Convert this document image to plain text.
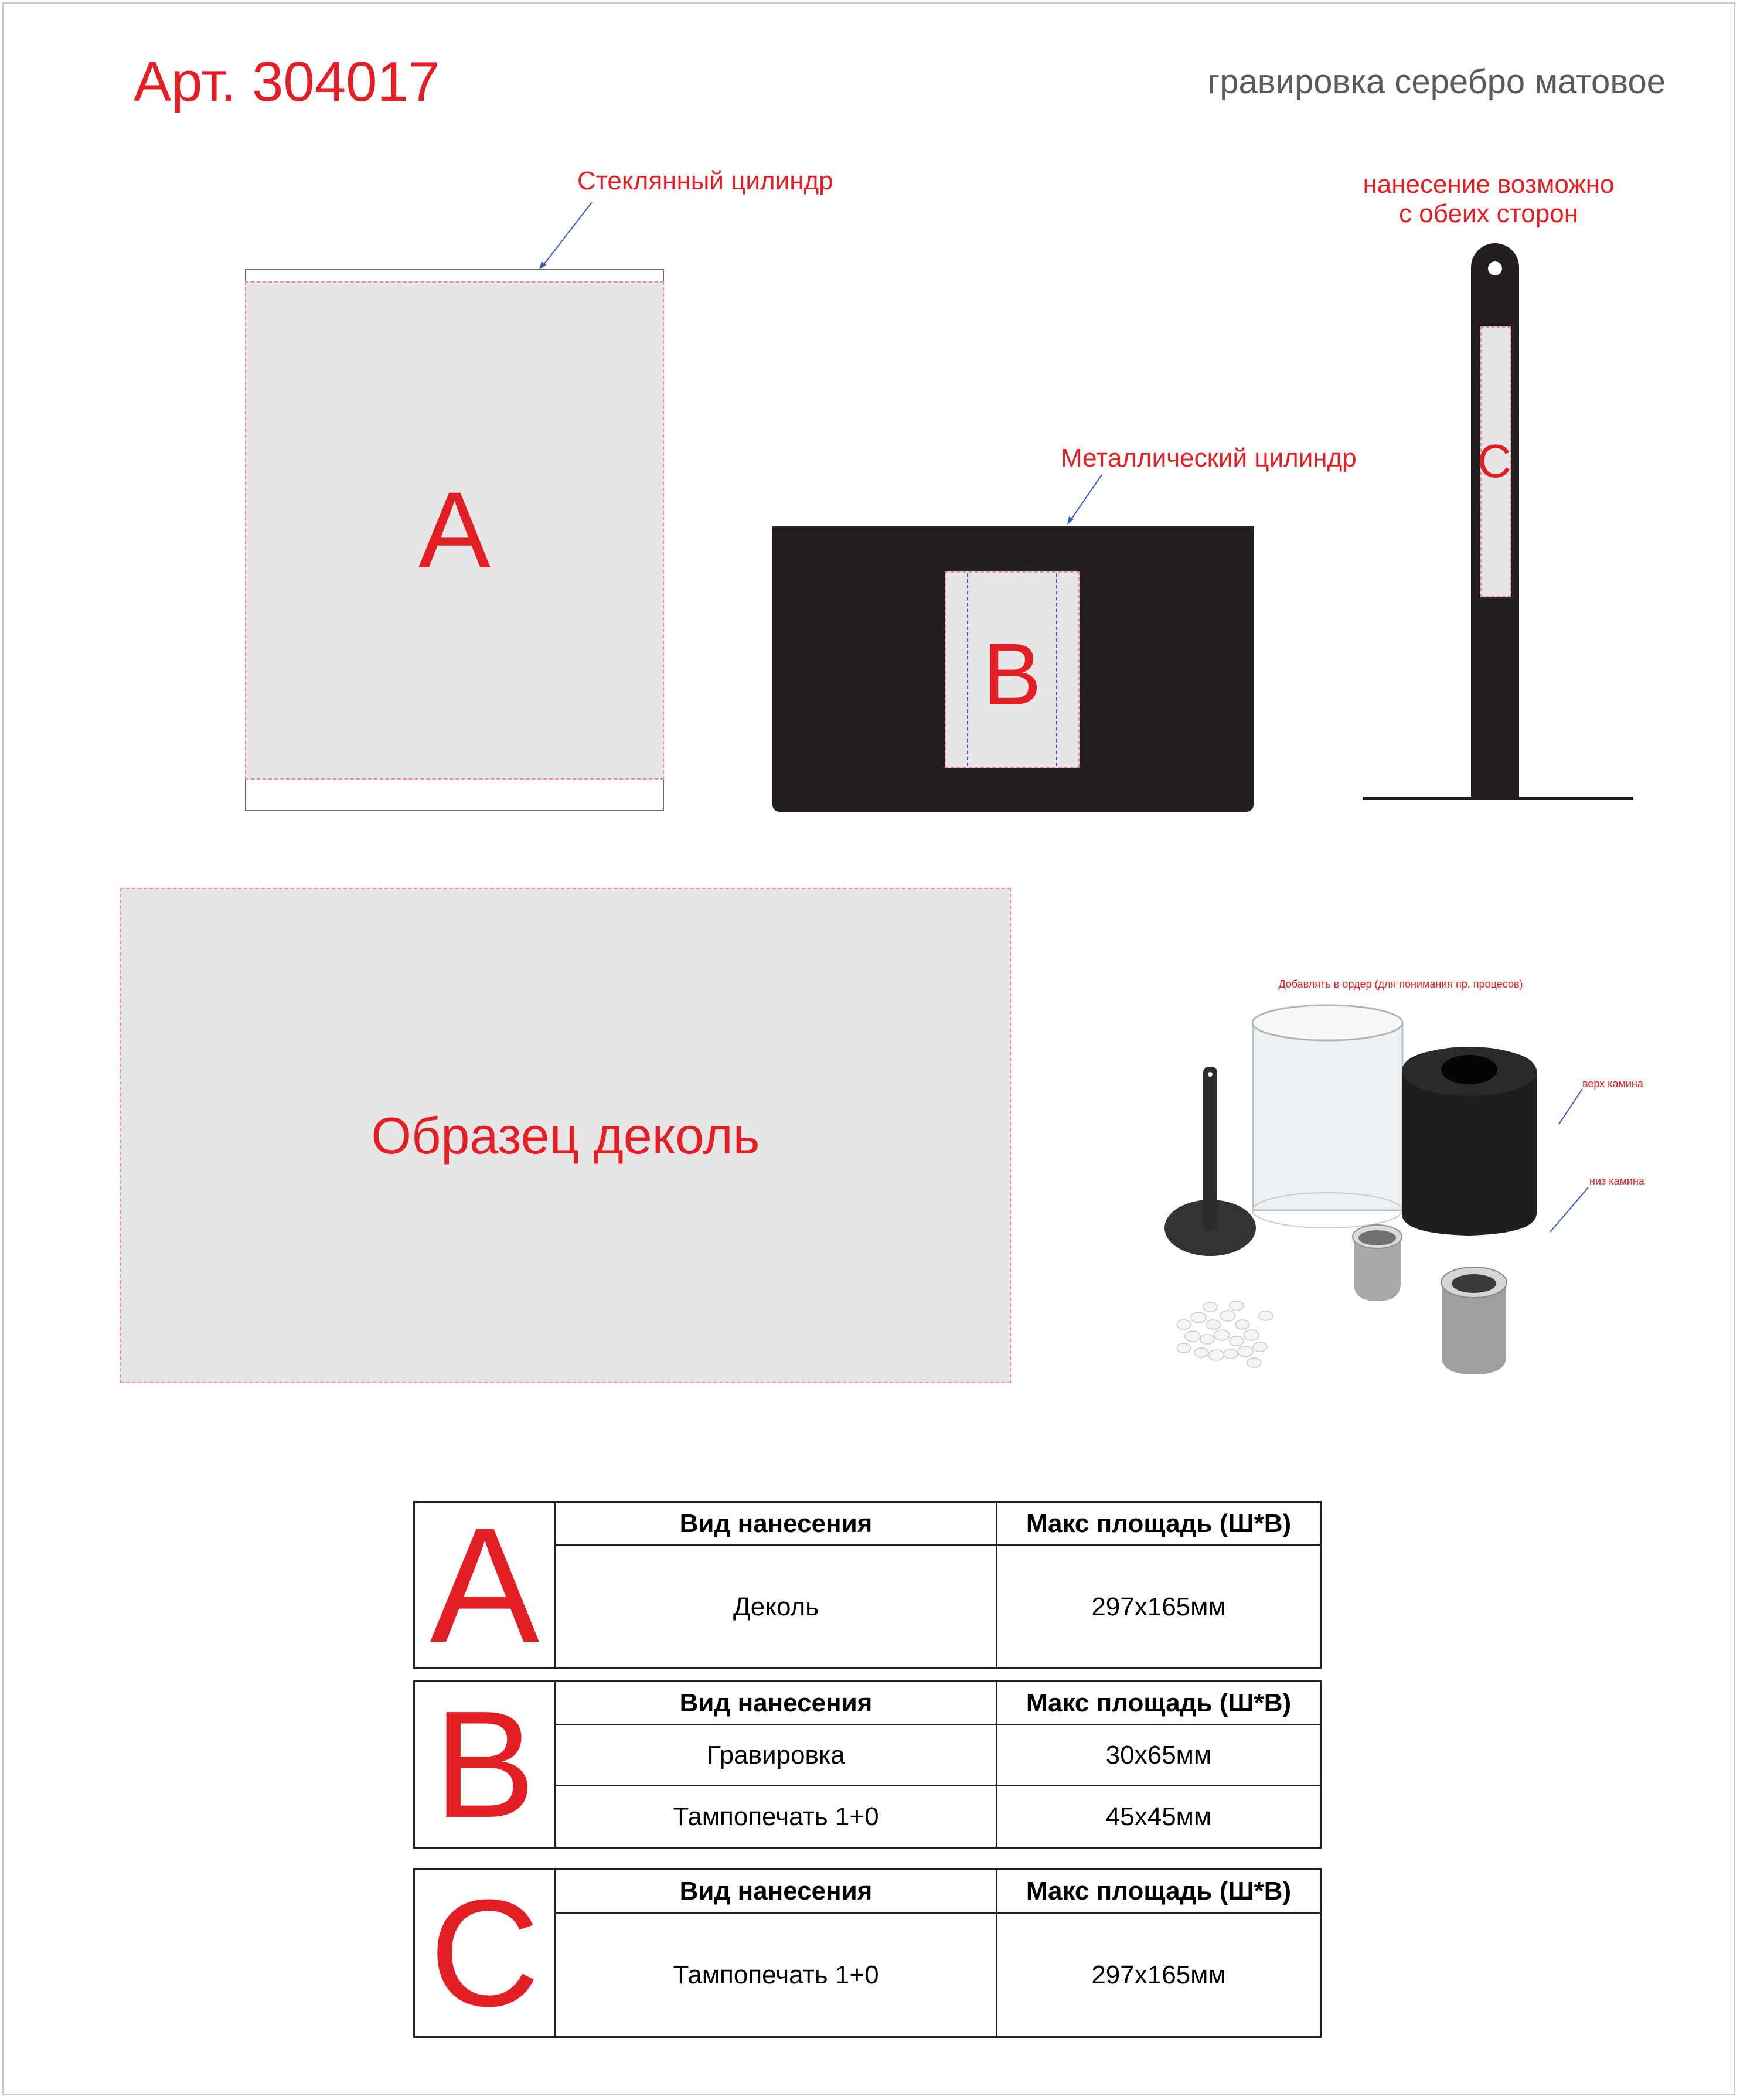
Арт. 304017	гравировка серебро матовое
Стеклянный цилиндр
A
Металлический цилиндр
B
нанесение возможно
с обеих сторон
C
Образец деколь
Добавлять в ордер (для понимания пр. процесов)
верх камина
низ камина
A	Вид нанесения	Макс площадь (Ш*В)
	Деколь	297x165мм
B	Вид нанесения	Макс площадь (Ш*В)
	Гравировка	30x65мм
	Тампопечать 1+0	45x45мм
C	Вид нанесения	Макс площадь (Ш*В)
	Тампопечать 1+0	297x165мм
